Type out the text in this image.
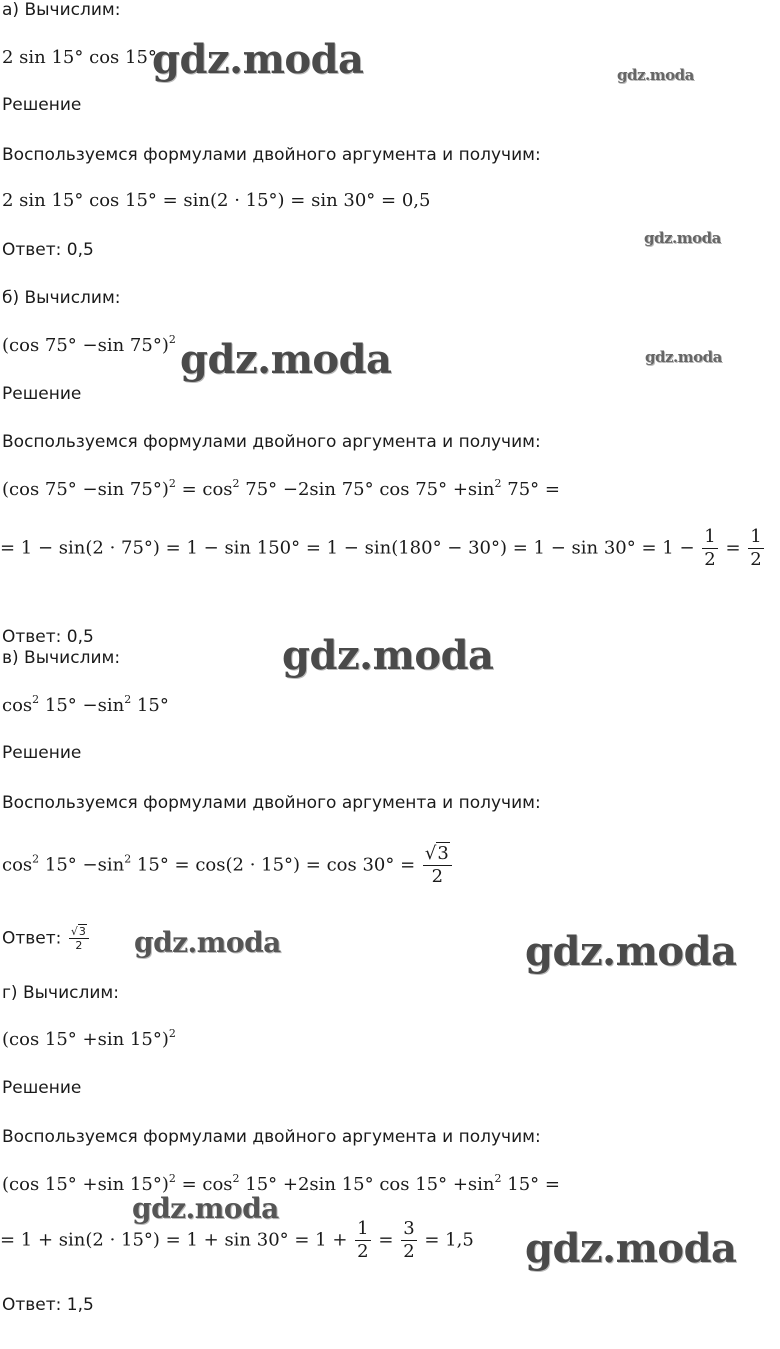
gdz.moda	gdz.moda
gdz.moda
gdz.moda	gdz.moda
gdz.moda
gdz.moda	gdz.moda
gdz.moda
gdz.moda
а) Вычислим:
2 sin 15° cos 15°
Решение
Воспользуемся формулами двойного аргумента и получим:
2 sin 15° cos 15° = sin(2 · 15°) = sin 30° = 0,5
Ответ: 0,5
б) Вычислим:
(cos 75° −sin 75°)$^2$
Решение
Воспользуемся формулами двойного аргумента и получим:
(cos 75° −sin $75^\circ)^2 = \cos^2 75^\circ -2\sin$ 75° $\cos 75^\circ +\sin^2$ 75° =
= $1 - \sin(2 \cdot 75^\circ) = 1 - \sin 150^\circ = 1 - \sin(180^\circ - 30^\circ) = 1 - \sin 30^\circ = 1 - \frac{1}{2} = \frac{1}{2}$
Ответ: 0,5
в) Вычислим:
$\cos^2 15^\circ -\sin^2$ 15°
Решение
Воспользуемся формулами двойного аргумента и получим:
$\cos^2 15^\circ -\sin^2$ $15^\circ = \cos(2 \cdot 15^\circ) = \cos 30^\circ = \frac{√3}{2}$
Ответ: $\frac{√3}{2}$
г) Вычислим:
(cos 15° +sin 15°)$^2$
Решение
Воспользуемся формулами двойного аргумента и получим:
(cos 15° +sin $15^\circ)^2 = \cos^2 15^\circ +2\sin$ 15° $\cos 15^\circ +\sin^2$ 15° =
= $1 + \sin(2 \cdot 15^\circ) = 1 + \sin 30^\circ = 1 + \frac{1}{2} = \frac{3}{2} = 1,5$
Ответ: 1,5
